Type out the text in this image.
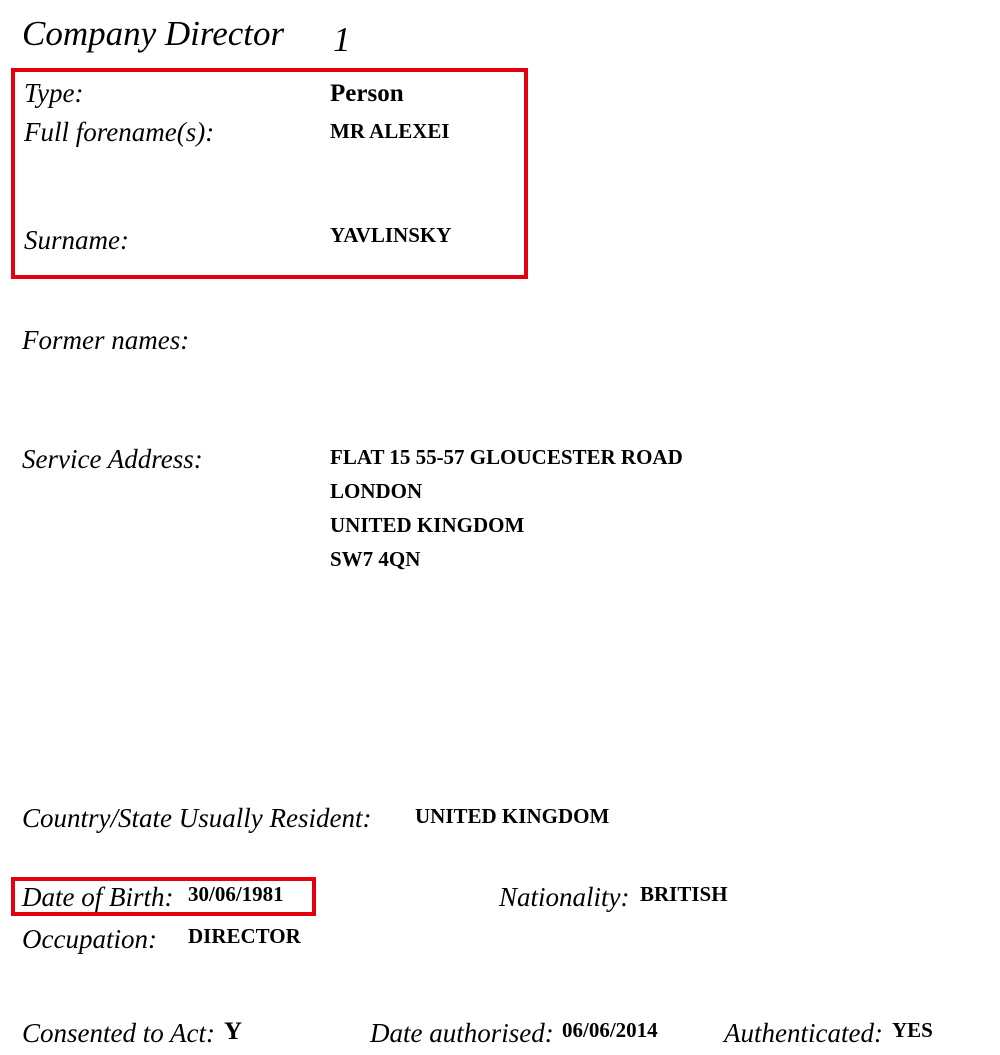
Company Director 1
Type:	Person
Full forename(s):	MR ALEXEI
Surname:	YAVLINSKY
Former names:
Service Address:	FLAT 15 55-57 GLOUCESTER ROAD
LONDON
UNITED KINGDOM
SW7 4QN
Country/State Usually Resident: UNITED KINGDOM
Date of Birth: 30/06/1981	Nationality: BRITISH
Occupation: DIRECTOR
Consented to Act: Y	Date authorised: 06/06/2014 Authenticated: YES
